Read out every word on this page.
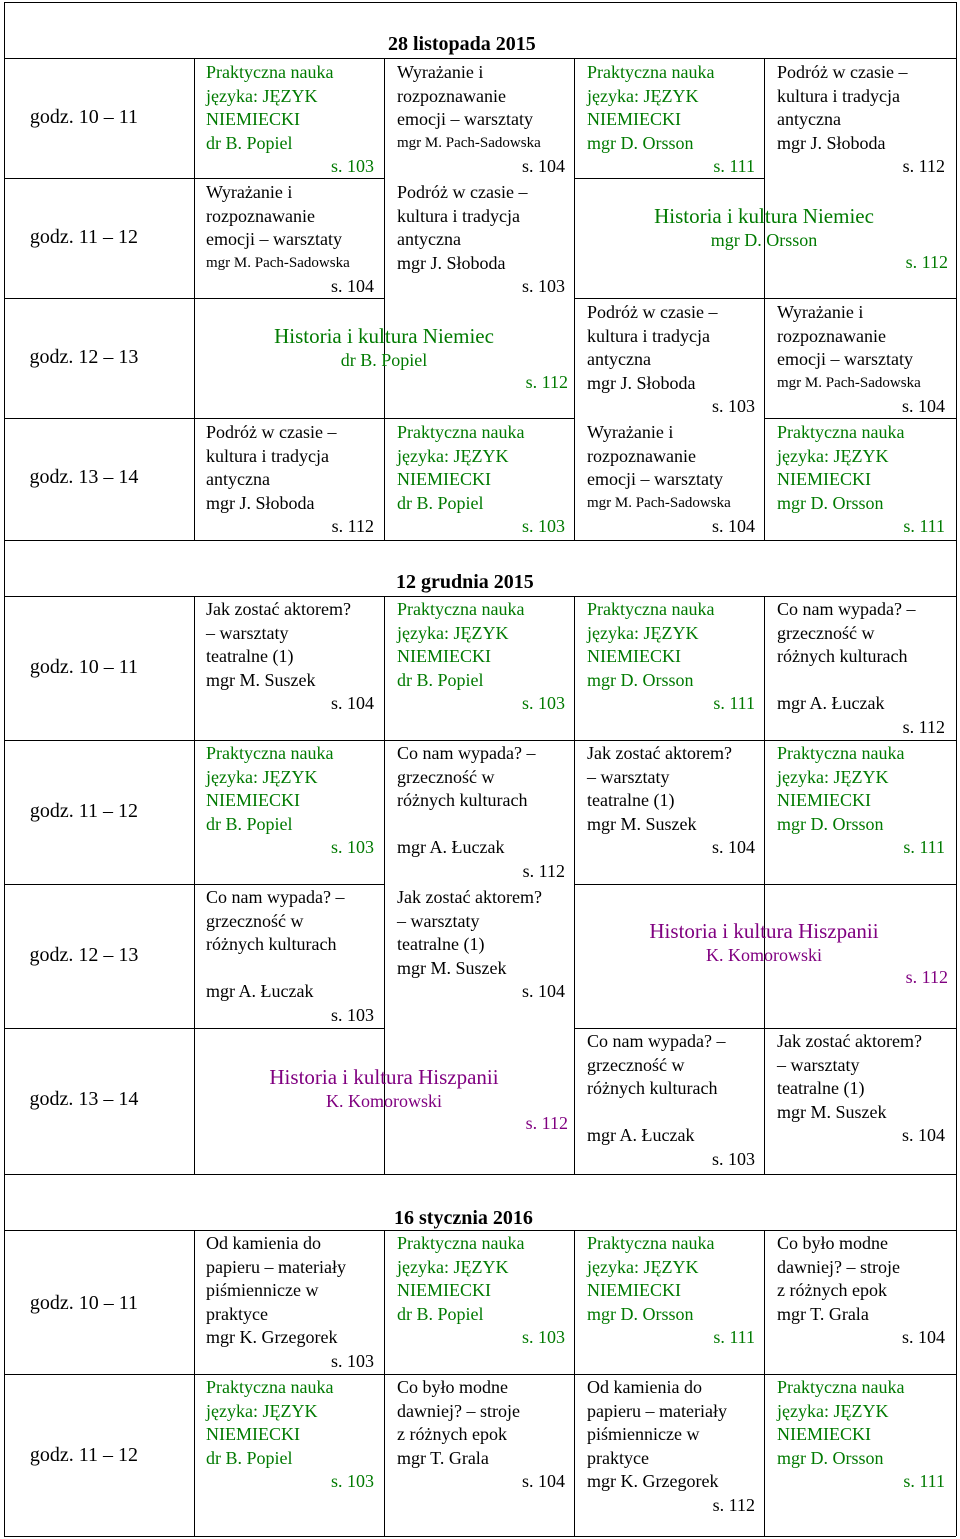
28 listopada 2015
godz. 10 – 11
godz. 11 – 12
godz. 12 – 13
godz. 13 – 14
Praktyczna nauka
języka: JĘZYK
NIEMIECKI
dr B. Popiel
s. 103
Wyrażanie i
rozpoznawanie
emocji – warsztaty
mgr M. Pach-Sadowska
s. 104
Podróż w czasie –
kultura i tradycja
antyczna
mgr J. Słoboda
s. 112
Wyrażanie i
rozpoznawanie
emocji – warsztaty
mgr M. Pach-Sadowska
s. 104
Podróż w czasie –
kultura i tradycja
antyczna
mgr J. Słoboda
s. 103
Praktyczna nauka
języka: JĘZYK
NIEMIECKI
dr B. Popiel
s. 103
Praktyczna nauka
języka: JĘZYK
NIEMIECKI
mgr D. Orsson
s. 111
Podróż w czasie –
kultura i tradycja
antyczna
mgr J. Słoboda
s. 103
Wyrażanie i
rozpoznawanie
emocji – warsztaty
mgr M. Pach-Sadowska
s. 104
Podróż w czasie –
kultura i tradycja
antyczna
mgr J. Słoboda
s. 112
Wyrażanie i
rozpoznawanie
emocji – warsztaty
mgr M. Pach-Sadowska
s. 104
Praktyczna nauka
języka: JĘZYK
NIEMIECKI
mgr D. Orsson
s. 111
Historia i kultura Niemiec
dr B. Popiel
s. 112
Historia i kultura Niemiec
mgr D. Orsson
s. 112
12 grudnia 2015
godz. 10 – 11
godz. 11 – 12
godz. 12 – 13
godz. 13 – 14
Jak zostać aktorem?
– warsztaty
teatralne (1)
mgr M. Suszek
s. 104
Praktyczna nauka
języka: JĘZYK
NIEMIECKI
dr B. Popiel
s. 103
Co nam wypada? –
grzeczność w
różnych kulturach
mgr A. Łuczak
s. 103
Praktyczna nauka
języka: JĘZYK
NIEMIECKI
dr B. Popiel
s. 103
Co nam wypada? –
grzeczność w
różnych kulturach
mgr A. Łuczak
s. 112
Jak zostać aktorem?
– warsztaty
teatralne (1)
mgr M. Suszek
s. 104
Praktyczna nauka
języka: JĘZYK
NIEMIECKI
mgr D. Orsson
s. 111
Jak zostać aktorem?
– warsztaty
teatralne (1)
mgr M. Suszek
s. 104
Co nam wypada? –
grzeczność w
różnych kulturach
mgr A. Łuczak
s. 103
Co nam wypada? –
grzeczność w
różnych kulturach
mgr A. Łuczak
s. 112
Praktyczna nauka
języka: JĘZYK
NIEMIECKI
mgr D. Orsson
s. 111
Jak zostać aktorem?
– warsztaty
teatralne (1)
mgr M. Suszek
s. 104
Historia i kultura Hiszpanii
K. Komorowski
s. 112
Historia i kultura Hiszpanii
K. Komorowski
s. 112
16 stycznia 2016
godz. 10 – 11
godz. 11 – 12
Od kamienia do
papieru – materiały
piśmiennicze w
praktyce
mgr K. Grzegorek
s. 103
Praktyczna nauka
języka: JĘZYK
NIEMIECKI
dr B. Popiel
s. 103
Praktyczna nauka
języka: JĘZYK
NIEMIECKI
dr B. Popiel
s. 103
Co było modne
dawniej? – stroje
z różnych epok
mgr T. Grala
s. 104
Praktyczna nauka
języka: JĘZYK
NIEMIECKI
mgr D. Orsson
s. 111
Od kamienia do
papieru – materiały
piśmiennicze w
praktyce
mgr K. Grzegorek
s. 112
Co było modne
dawniej? – stroje
z różnych epok
mgr T. Grala
s. 104
Praktyczna nauka
języka: JĘZYK
NIEMIECKI
mgr D. Orsson
s. 111
